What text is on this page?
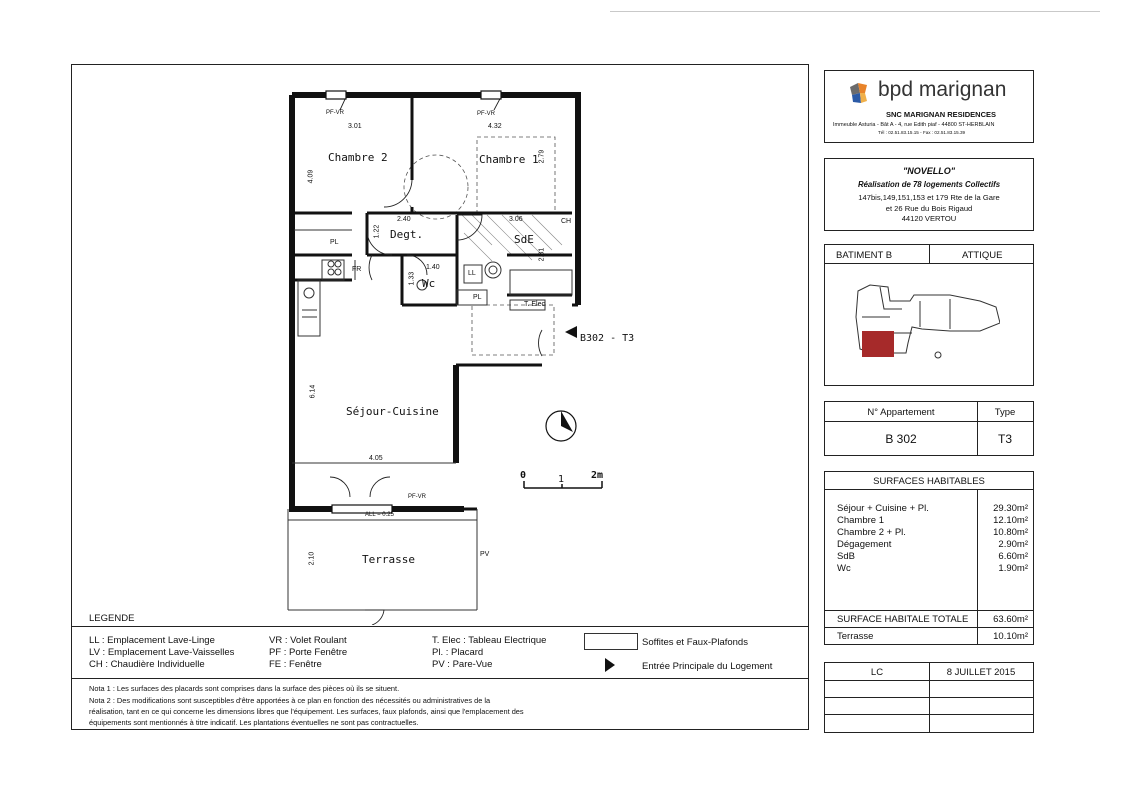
Chambre 2	Chambre 1
Degt.	SdE
Wc
Séjour-Cuisine
Terrasse
PL
PL
FR
LL
CH
T. Elec
PV
PF-VR	PF-VR
PF-VR
ALL = 0.25
B302 - T3
3.01	4.32
4.09
2.79
2.40	3.06
1.22
2.31
1.40
1.33
6.14
4.05
2.10
0	1	2m
LEGENDE
LL : Emplacement Lave-Linge
LV : Emplacement Lave-Vaisselles
CH : Chaudière Individuelle
VR : Volet Roulant
PF : Porte Fenêtre
FE : Fenêtre
T. Elec : Tableau Electrique
Pl. : Placard
PV : Pare-Vue
Soffites et Faux-Plafonds
Entrée Principale du Logement
Nota 1 : Les surfaces des placards sont comprises dans la surface des pièces où ils se situent.
Nota 2 : Des modifications sont susceptibles d'être apportées à ce plan en fonction des nécessités ou administratives de la
réalisation, tant en ce qui concerne les dimensions libres que l'équipement. Les surfaces, faux plafonds, ainsi que l'emplacement des
équipements sont mentionnés à titre indicatif. Les plantations éventuelles ne sont pas contractuelles.
bpd marignan
SNC MARIGNAN RESIDENCES
Immeuble Asturia - Bât A - 4, rue Edith piaf - 44800 ST-HERBLAIN
Tél : 02.51.83.15.15 - Fax : 02.51.83.15.39
"NOVELLO"
Réalisation de 78 logements Collectifs
147bis,149,151,153 et 179 Rte de la Gare
et 26 Rue du Bois Rigaud
44120 VERTOU
BATIMENT B	ATTIQUE
N° Appartement	Type
B 302	T3
SURFACES HABITABLES
Séjour + Cuisine + Pl.	29.30m²
Chambre 1	12.10m²
Chambre 2 + Pl.	10.80m²
Dégagement	2.90m²
SdB	6.60m²
Wc	1.90m²
SURFACE HABITALE TOTALE	63.60m²
Terrasse	10.10m²
LC	8 JUILLET 2015
